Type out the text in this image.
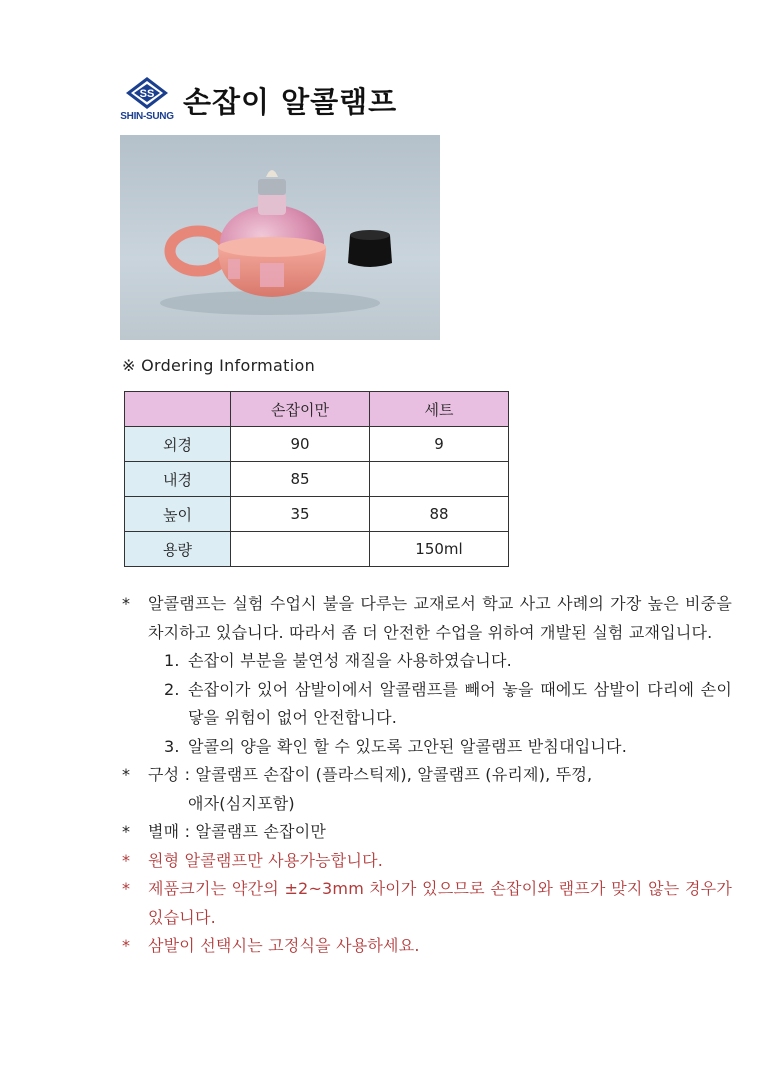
SS
SHIN-SUNG 손잡이 알콜램프
※ Ordering Information
	손잡이만	세트
외경	90	9
내경	85	
높이	35	88
용량		150ml
* 알콜램프는 실험 수업시 불을 다루는 교재로서 학교 사고 사례의 가장 높은 비중을 차지하고 있습니다. 따라서 좀 더 안전한 수업을 위하여 개발된 실험 교재입니다.
1. 손잡이 부분을 불연성 재질을 사용하였습니다.
2. 손잡이가 있어 삼발이에서 알콜램프를 빼어 놓을 때에도 삼발이 다리에 손이 닿을 위험이 없어 안전합니다.
3. 알콜의 양을 확인 할 수 있도록 고안된 알콜램프 받침대입니다.
* 구성 : 알콜램프 손잡이 (플라스틱제), 알콜램프 (유리제), 뚜껑,
애자(심지포함)
* 별매 : 알콜램프 손잡이만
* 원형 알콜램프만 사용가능합니다.
* 제품크기는 약간의 ±2~3mm 차이가 있으므로 손잡이와 램프가 맞지 않는 경우가 있습니다.
* 삼발이 선택시는 고정식을 사용하세요.
